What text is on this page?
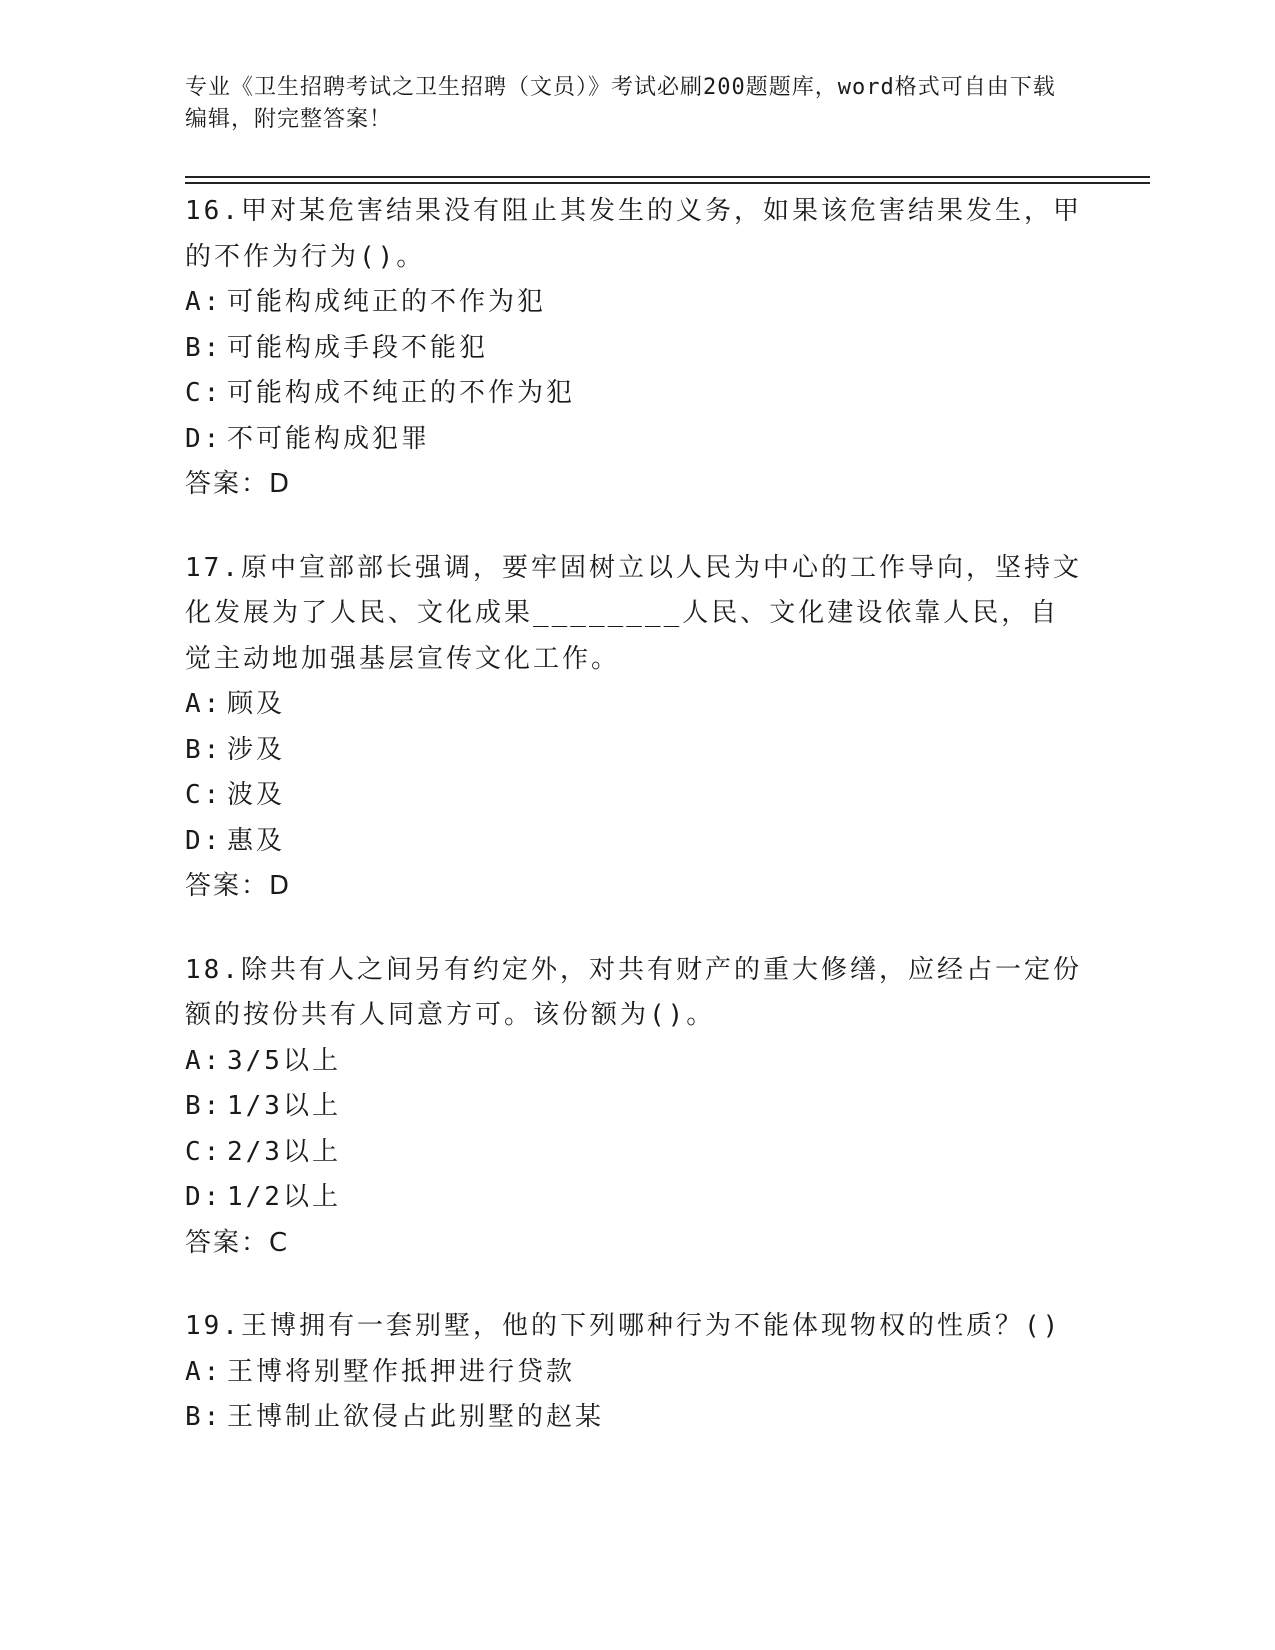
专业《卫生招聘考试之卫生招聘（文员）》考试必刷200题题库，word格式可自由下载编辑，附完整答案！

16.甲对某危害结果没有阻止其发生的义务，如果该危害结果发生，甲的不作为行为()。

A: 可能构成纯正的不作为犯

B: 可能构成手段不能犯

C: 可能构成不纯正的不作为犯

D: 不可能构成犯罪

答案：D

17.原中宣部部长强调，要牢固树立以人民为中心的工作导向，坚持文化发展为了人民、文化成果________人民、文化建设依靠人民，自觉主动地加强基层宣传文化工作。

A: 顾及

B: 涉及

C: 波及

D: 惠及

答案：D

18.除共有人之间另有约定外，对共有财产的重大修缮，应经占一定份额的按份共有人同意方可。该份额为()。

A: 3/5以上

B: 1/3以上

C: 2/3以上

D: 1/2以上

答案：C

19.王博拥有一套别墅，他的下列哪种行为不能体现物权的性质？()

A: 王博将别墅作抵押进行贷款

B: 王博制止欲侵占此别墅的赵某
